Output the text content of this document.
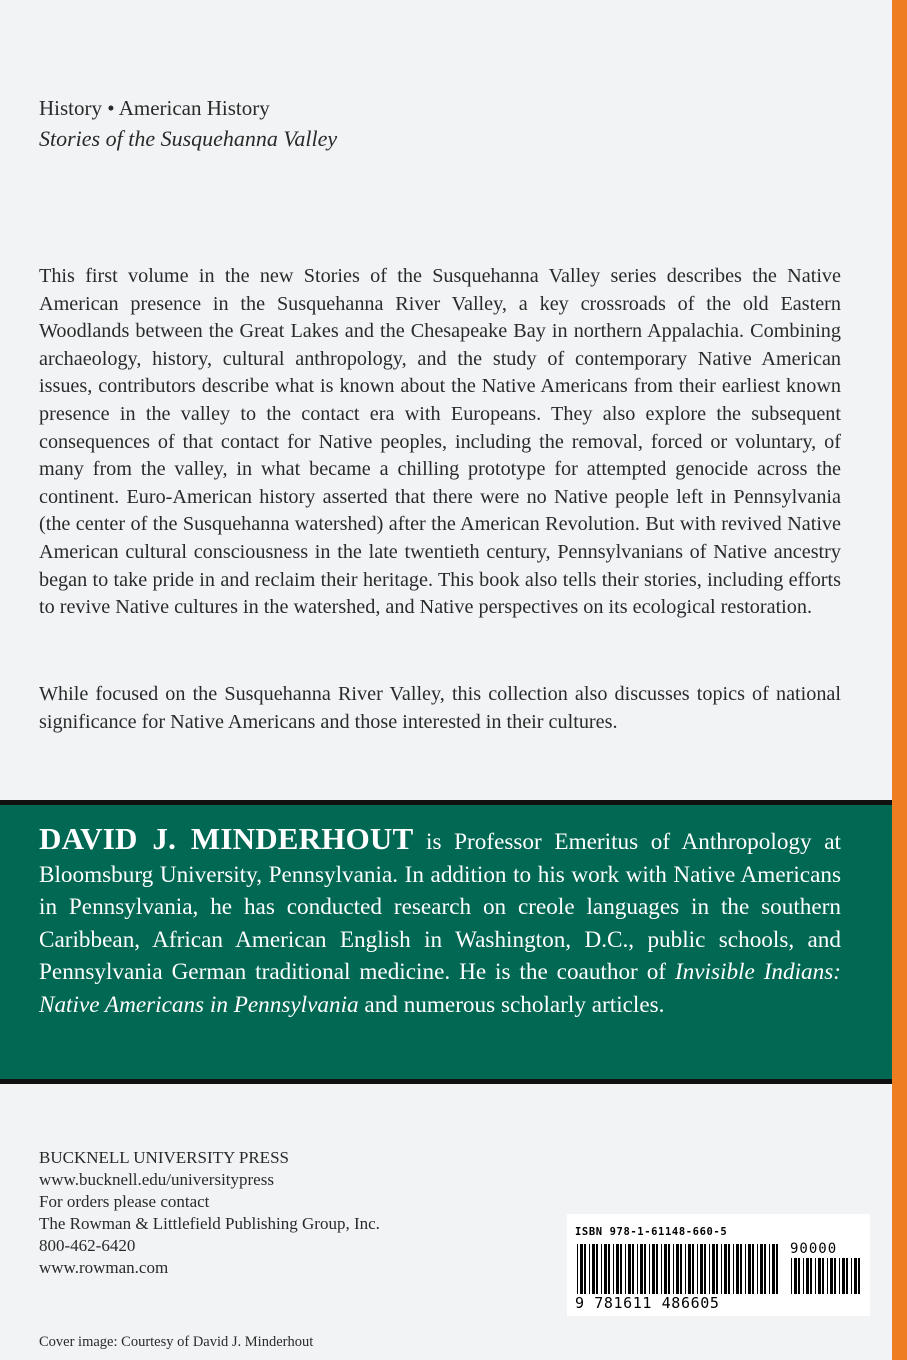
History • American History
Stories of the Susquehanna Valley

This first volume in the new Stories of the Susquehanna Valley series describes the Native American presence in the Susquehanna River Valley, a key crossroads of the old Eastern Woodlands between the Great Lakes and the Chesapeake Bay in northern Appalachia. Combining archaeology, history, cultural anthropology, and the study of contemporary Native American issues, contributors describe what is known about the Native Americans from their earliest known presence in the valley to the contact era with Europeans. They also explore the subsequent consequences of that contact for Native peoples, including the removal, forced or voluntary, of many from the valley, in what became a chilling prototype for attempted genocide across the continent. Euro-American history asserted that there were no Native people left in Pennsylvania (the center of the Susquehanna watershed) after the American Revolution. But with revived Native American cultural consciousness in the late twentieth century, Pennsylvanians of Native ancestry began to take pride in and reclaim their heritage. This book also tells their stories, including efforts to revive Native cultures in the watershed, and Native perspectives on its ecological restoration.

While focused on the Susquehanna River Valley, this collection also discusses topics of national significance for Native Americans and those interested in their cultures.

DAVID J. MINDERHOUT is Professor Emeritus of Anthropology at Bloomsburg University, Pennsylvania. In addition to his work with Native Americans in Pennsylvania, he has conducted research on creole languages in the southern Caribbean, African American English in Washington, D.C., public schools, and Pennsylvania German traditional medicine. He is the coauthor of Invisible Indians: Native Americans in Pennsylvania and numerous scholarly articles.

BUCKNELL UNIVERSITY PRESS
www.bucknell.edu/universitypress
For orders please contact
The Rowman & Littlefield Publishing Group, Inc.
800-462-6420
www.rowman.com
Cover image: Courtesy of David J. Minderhout
ISBN 978-1-61148-660-5
90000
9 781611 486605
